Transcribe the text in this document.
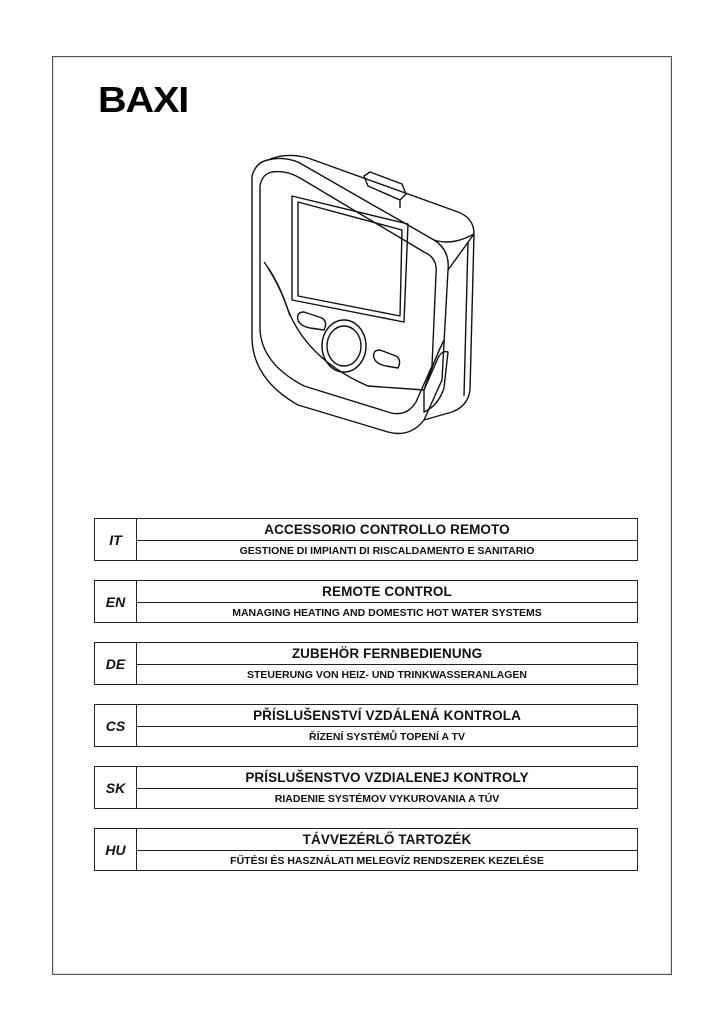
BAXI
IT
ACCESSORIO CONTROLLO REMOTO
GESTIONE DI IMPIANTI DI RISCALDAMENTO E SANITARIO
EN
REMOTE CONTROL
MANAGING HEATING AND DOMESTIC HOT WATER SYSTEMS
DE
ZUBEHÖR FERNBEDIENUNG
STEUERUNG VON HEIZ- UND TRINKWASSERANLAGEN
CS
PŘÍSLUŠENSTVÍ VZDÁLENÁ KONTROLA
ŘÍZENÍ SYSTÉMŮ TOPENÍ A TV
SK
PRÍSLUŠENSTVO VZDIALENEJ KONTROLY
RIADENIE SYSTÉMOV VYKUROVANIA A TÚV
HU
TÁVVEZÉRLŐ TARTOZÉK
FŰTÉSI ÉS HASZNÁLATI MELEGVÍZ RENDSZEREK KEZELÉSE
